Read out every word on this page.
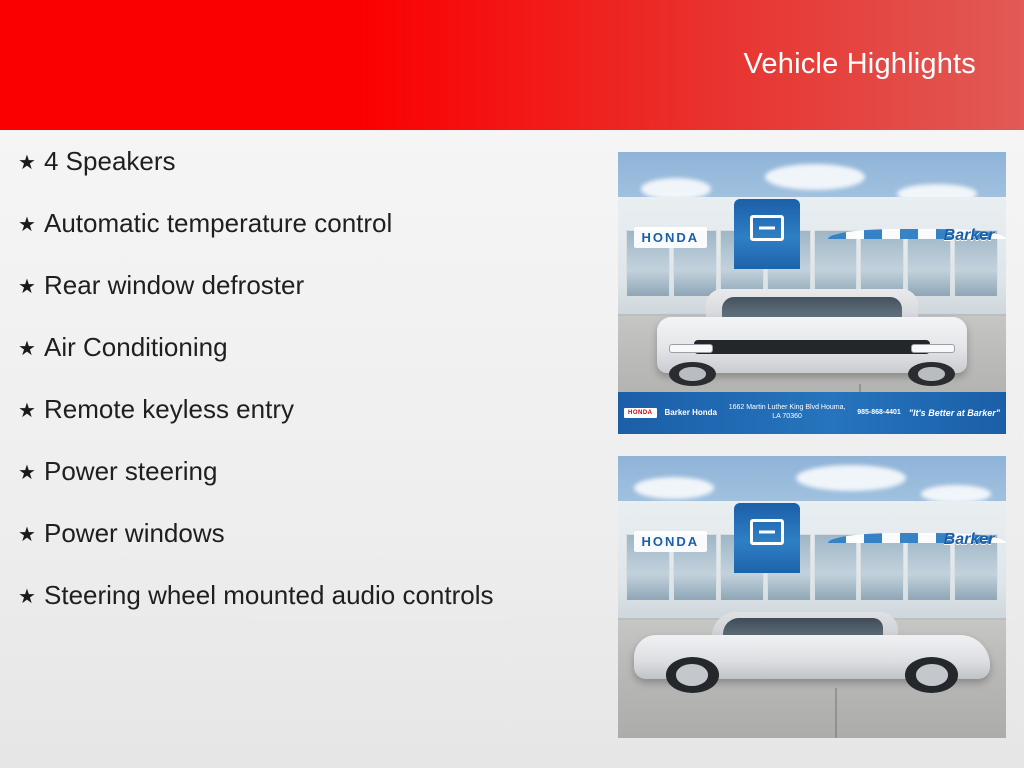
Vehicle Highlights
★ 4 Speakers
★ Automatic temperature control
★ Rear window defroster
★ Air Conditioning
★ Remote keyless entry
★ Power steering
★ Power windows
★ Steering wheel mounted audio controls
HONDA	Barker
HONDA	Barker Honda
1662 Martin Luther King Blvd Houma, LA 70360	985-868-4401 "It's Better at Barker"
HONDA	Barker
